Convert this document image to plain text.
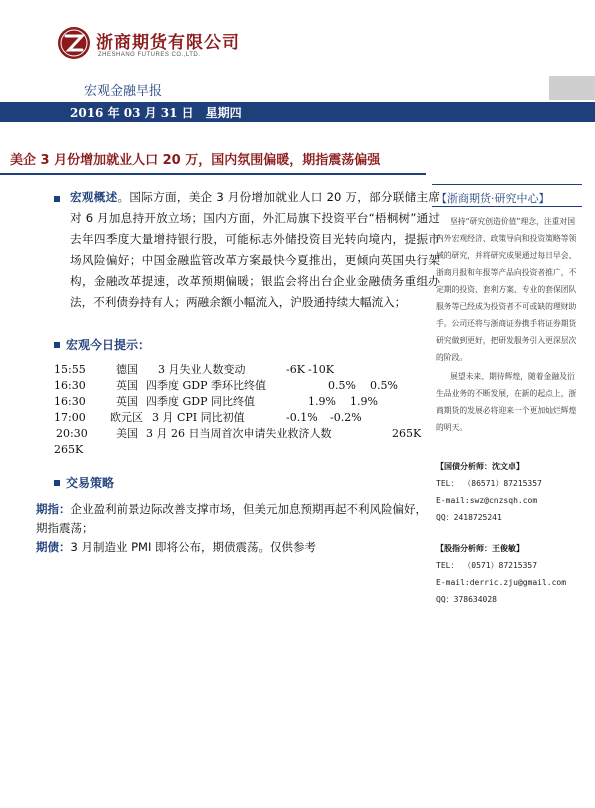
浙商期货有限公司
ZHESHANG FUTURES CO.,LTD.
宏观金融早报
2016 年 03 月 31 日　星期四
美企 3 月份增加就业人口 20 万，国内氛围偏暖，期指震荡偏强
宏观概述。国际方面，美企 3 月份增加就业人口 20 万，部分联储主席对 6 月加息持开放立场；国内方面，外汇局旗下投资平台“梧桐树”通过去年四季度大量增持银行股，可能标志外储投资目光转向境内，提振市场风险偏好；中国金融监管改革方案最快今夏推出，更倾向英国央行架构，金融改革提速，改革预期偏暖；银监会将出台企业金融债务重组办法，不利债券持有人；两融余额小幅流入，沪股通持续大幅流入；
宏观今日提示：
15:55	德国 3 月失业人数变动	-6K -10K
16:30	英国 四季度 GDP 季环比终值	0.5% 0.5%
16:30	英国 四季度 GDP 同比终值	1.9% 1.9%
17:00 欧元区 3 月 CPI 同比初值	-0.1% -0.2%
20:30	美国 3 月 26 日当周首次申请失业救济人数	265K
265K
交易策略
期指：企业盈利前景边际改善支撑市场，但美元加息预期再起不利风险偏好，期指震荡；
期债：3 月制造业 PMI 即将公布，期债震荡。仅供参考
【浙商期货·研究中心】

坚持“研究创造价值”理念，注重对国内外宏观经济、政策导向和投资策略等领域的研究，并将研究成果通过每日早会、浙商月报和年报等产品向投资者推广，不定期的投资、套利方案、专业的套保团队服务等已经成为投资者不可或缺的理财助手。公司还将与浙商证券携手将证券期货研究做到更好，把研发服务引入更深层次的阶段。

展望未来、期待辉煌，随着金融及衍生品业务的不断发展，在新的起点上，浙商期货的发展必将迎来一个更加灿烂辉煌的明天。

【国债分析师：沈文卓】
TEL： （86571）87215357
E-mail:swz@cnzsqh.com
QQ：2418725241
【股指分析师：王俊敏】
TEL： （0571）87215357
E-mail:derric.zju@gmail.com
QQ：378634028
